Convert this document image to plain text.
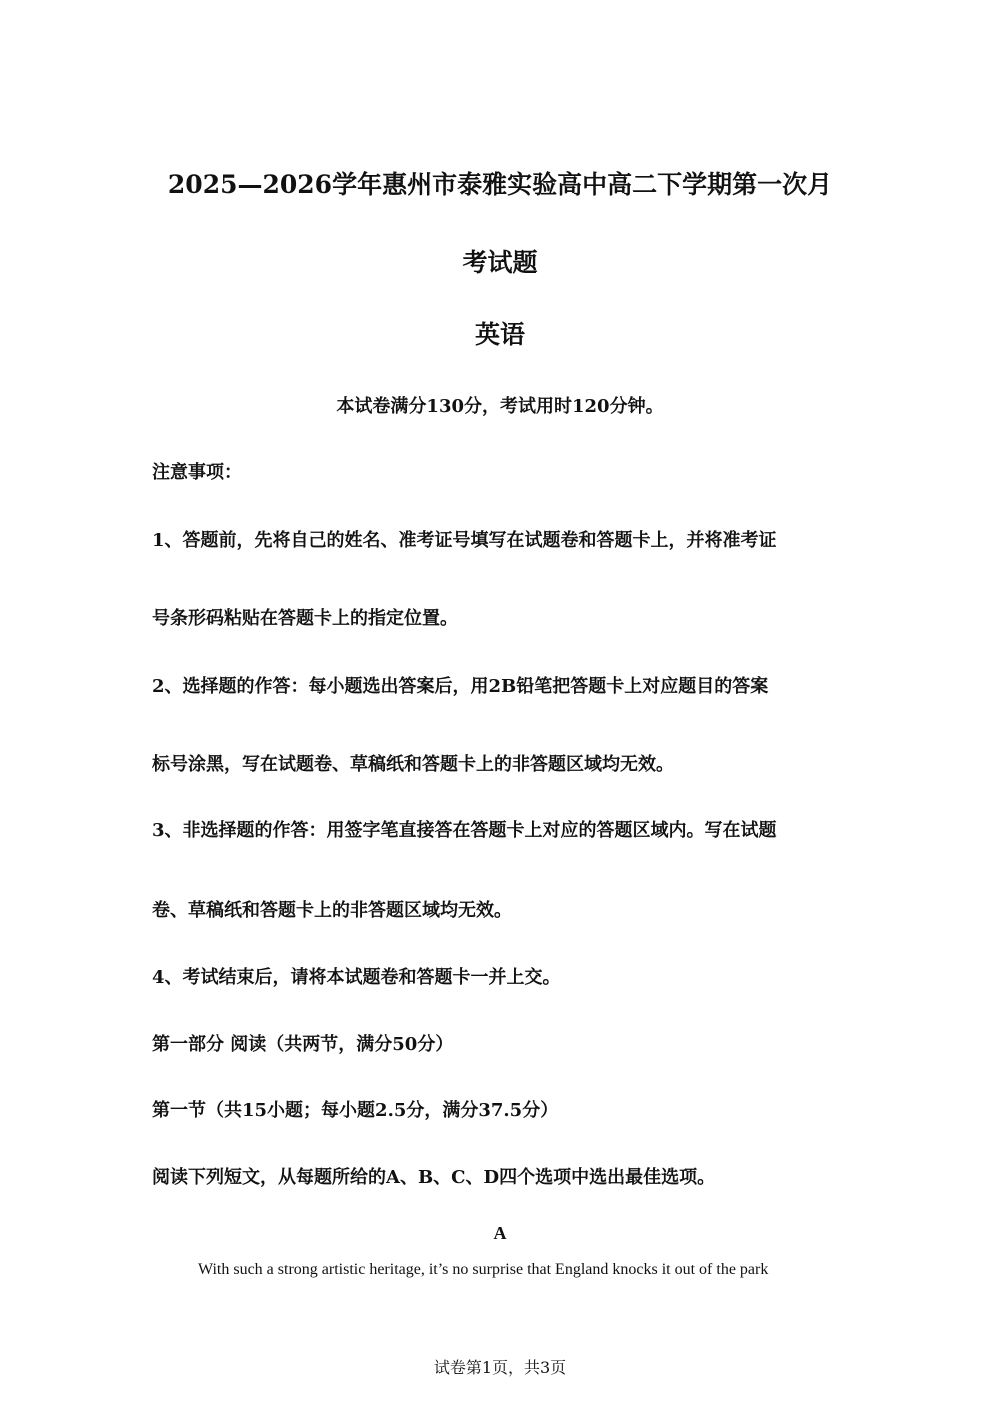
2025—2026学年惠州市泰雅实验高中高二下学期第一次月
考试题
英语
本试卷满分130分，考试用时120分钟。
注意事项：
1、答题前，先将自己的姓名、准考证号填写在试题卷和答题卡上，并将准考证
号条形码粘贴在答题卡上的指定位置。
2、选择题的作答：每小题选出答案后，用2B铅笔把答题卡上对应题目的答案
标号涂黑，写在试题卷、草稿纸和答题卡上的非答题区域均无效。
3、非选择题的作答：用签字笔直接答在答题卡上对应的答题区域内。写在试题
卷、草稿纸和答题卡上的非答题区域均无效。
4、考试结束后，请将本试题卷和答题卡一并上交。
第一部分 阅读（共两节，满分50分）
第一节（共15小题；每小题2.5分，满分37.5分）
阅读下列短文，从每题所给的A、B、C、D四个选项中选出最佳选项。
A
With such a strong artistic heritage, it’s no surprise that England knocks it out of the park
试卷第1页，共3页
